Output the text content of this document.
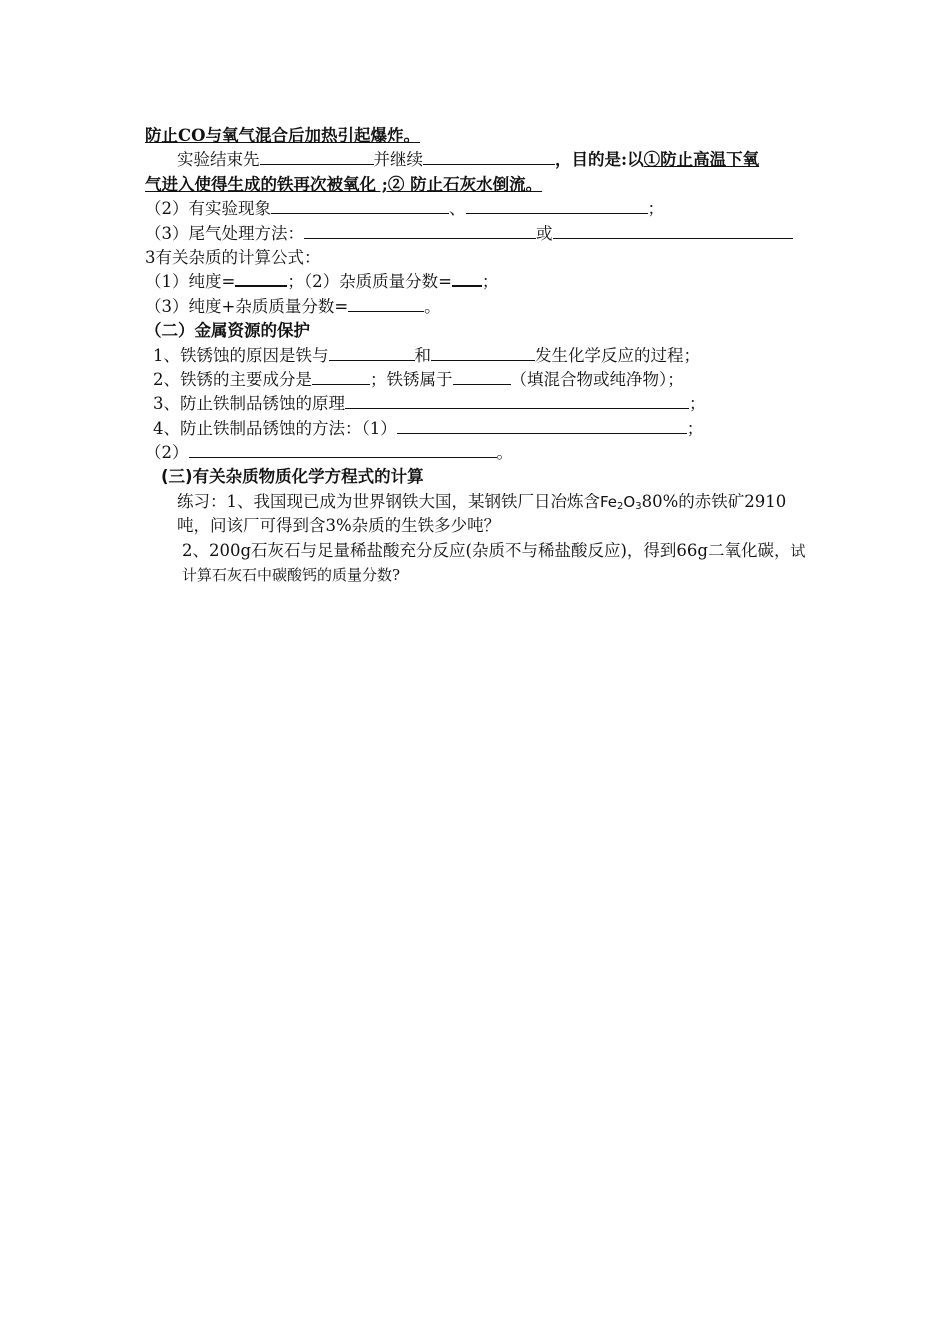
防止CO与氧气混合后加热引起爆炸。
实验结束先	并继续	，目的是:以①防止高温下氧
气进入使得生成的铁再次被氧化 ;② 防止石灰水倒流。
（2）有实验现象	、	；
（3）尾气处理方法：	或
3有关杂质的计算公式：
（1）纯度=	；（2）杂质质量分数= ；
（3）纯度+杂质质量分数=	。
（二）金属资源的保护
1、铁锈蚀的原因是铁与	和	发生化学反应的过程；
2、铁锈的主要成分是	；铁锈属于	（填混合物或纯净物）；
3、防止铁制品锈蚀的原理	；
4、防止铁制品锈蚀的方法：（1）	；
（2）	。
(三)有关杂质物质化学方程式的计算
练习：1、我国现已成为世界钢铁大国，某钢铁厂日冶炼含$Fe_2O_380\%$的赤铁矿2910吨，问该厂可得到含3%杂质的生铁多少吨？
2、200g石灰石与足量稀盐酸充分反应(杂质不与稀盐酸反应)，得到66g二氧化碳，试计算石灰石中碳酸钙的质量分数?
